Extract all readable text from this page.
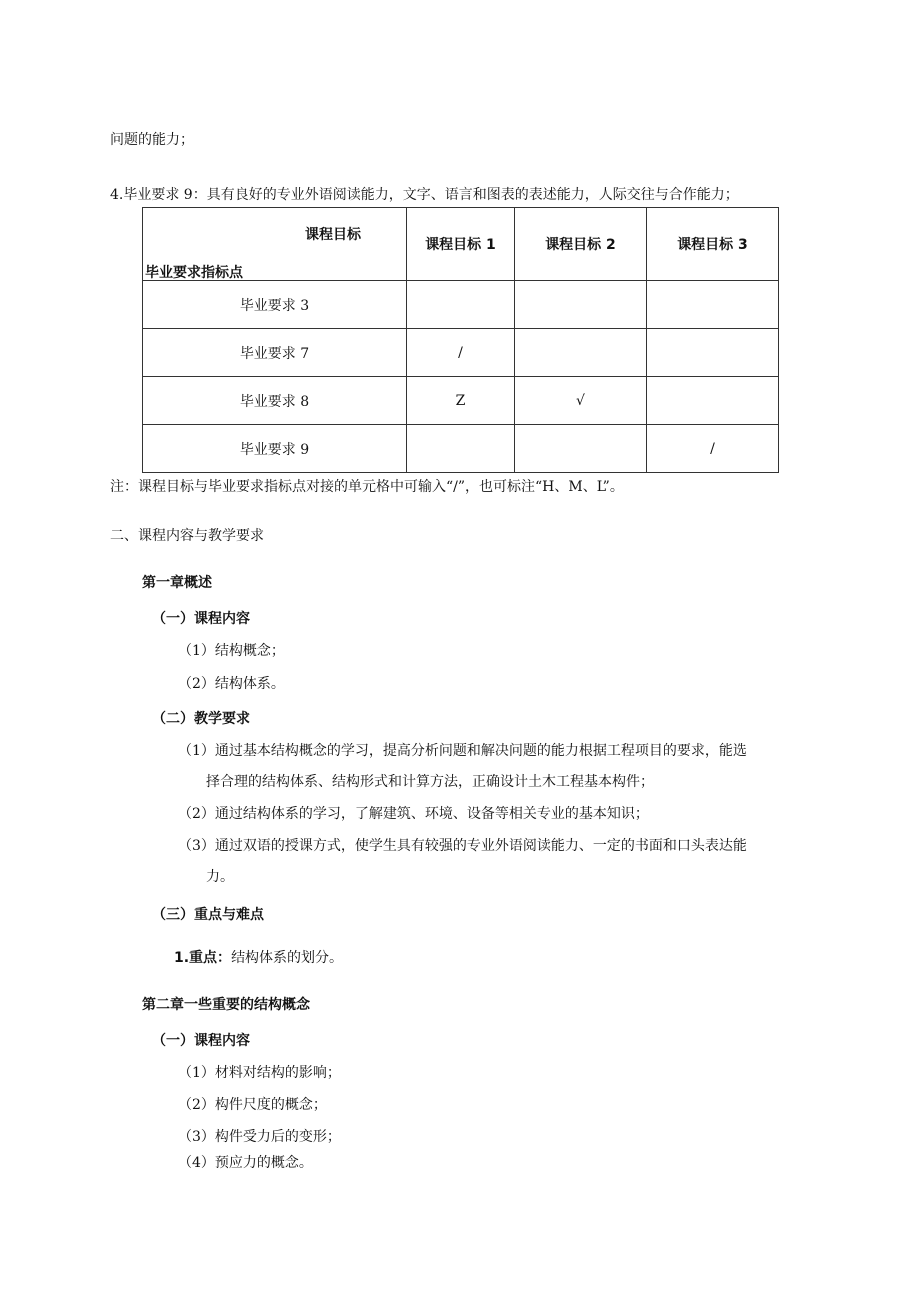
问题的能力；
4.毕业要求 9：具有良好的专业外语阅读能力，文字、语言和图表的表述能力，人际交往与合作能力；
课程目标
毕业要求指标点	课程目标 1	课程目标 2	课程目标 3
毕业要求 3			
毕业要求 7	/		
毕业要求 8	Z	√	
毕业要求 9			/
注：课程目标与毕业要求指标点对接的单元格中可输入“/”，也可标注“H、M、L”。
二、课程内容与教学要求
第一章概述
（一）课程内容
（1）结构概念；
（2）结构体系。
（二）教学要求
（1）通过基本结构概念的学习，提高分析问题和解决问题的能力根据工程项目的要求，能选
择合理的结构体系、结构形式和计算方法，正确设计土木工程基本构件；
（2）通过结构体系的学习，了解建筑、环境、设备等相关专业的基本知识；
（3）通过双语的授课方式，使学生具有较强的专业外语阅读能力、一定的书面和口头表达能
力。
（三）重点与难点
1.重点：结构体系的划分。
第二章一些重要的结构概念
（一）课程内容
（1）材料对结构的影响；
（2）构件尺度的概念；
（3）构件受力后的变形；
（4）预应力的概念。
